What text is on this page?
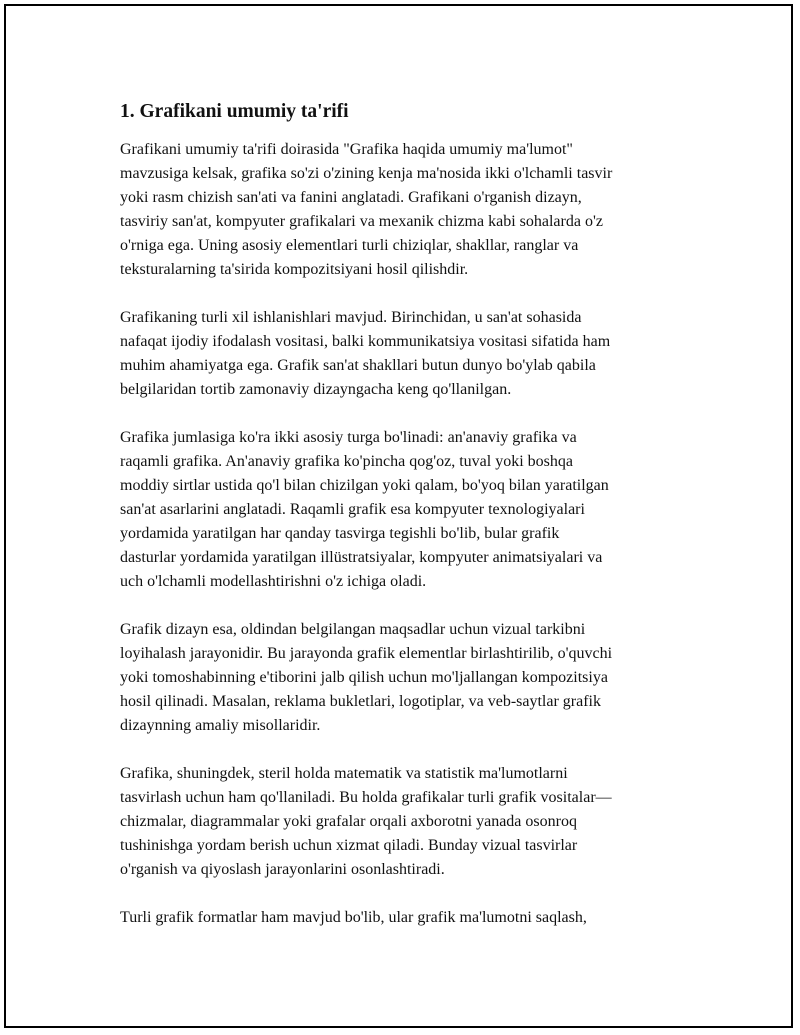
1. Grafikani umumiy ta'rifi
Grafikani umumiy ta'rifi doirasida "Grafika haqida umumiy ma'lumot"
mavzusiga kelsak, grafika so'zi o'zining kenja ma'nosida ikki o'lchamli tasvir
yoki rasm chizish san'ati va fanini anglatadi. Grafikani o'rganish dizayn,
tasviriy san'at, kompyuter grafikalari va mexanik chizma kabi sohalarda o'z
o'rniga ega. Uning asosiy elementlari turli chiziqlar, shakllar, ranglar va
teksturalarning ta'sirida kompozitsiyani hosil qilishdir.
Grafikaning turli xil ishlanishlari mavjud. Birinchidan, u san'at sohasida
nafaqat ijodiy ifodalash vositasi, balki kommunikatsiya vositasi sifatida ham
muhim ahamiyatga ega. Grafik san'at shakllari butun dunyo bo'ylab qabila
belgilaridan tortib zamonaviy dizayngacha keng qo'llanilgan.
Grafika jumlasiga ko'ra ikki asosiy turga bo'linadi: an'anaviy grafika va
raqamli grafika. An'anaviy grafika ko'pincha qog'oz, tuval yoki boshqa
moddiy sirtlar ustida qo'l bilan chizilgan yoki qalam, bo'yoq bilan yaratilgan
san'at asarlarini anglatadi. Raqamli grafik esa kompyuter texnologiyalari
yordamida yaratilgan har qanday tasvirga tegishli bo'lib, bular grafik
dasturlar yordamida yaratilgan illüstratsiyalar, kompyuter animatsiyalari va
uch o'lchamli modellashtirishni o'z ichiga oladi.
Grafik dizayn esa, oldindan belgilangan maqsadlar uchun vizual tarkibni
loyihalash jarayonidir. Bu jarayonda grafik elementlar birlashtirilib, o'quvchi
yoki tomoshabinning e'tiborini jalb qilish uchun mo'ljallangan kompozitsiya
hosil qilinadi. Masalan, reklama bukletlari, logotiplar, va veb-saytlar grafik
dizaynning amaliy misollaridir.
Grafika, shuningdek, steril holda matematik va statistik ma'lumotlarni
tasvirlash uchun ham qo'llaniladi. Bu holda grafikalar turli grafik vositalar—
chizmalar, diagrammalar yoki grafalar orqali axborotni yanada osonroq
tushinishga yordam berish uchun xizmat qiladi. Bunday vizual tasvirlar
o'rganish va qiyoslash jarayonlarini osonlashtiradi.
Turli grafik formatlar ham mavjud bo'lib, ular grafik ma'lumotni saqlash,
